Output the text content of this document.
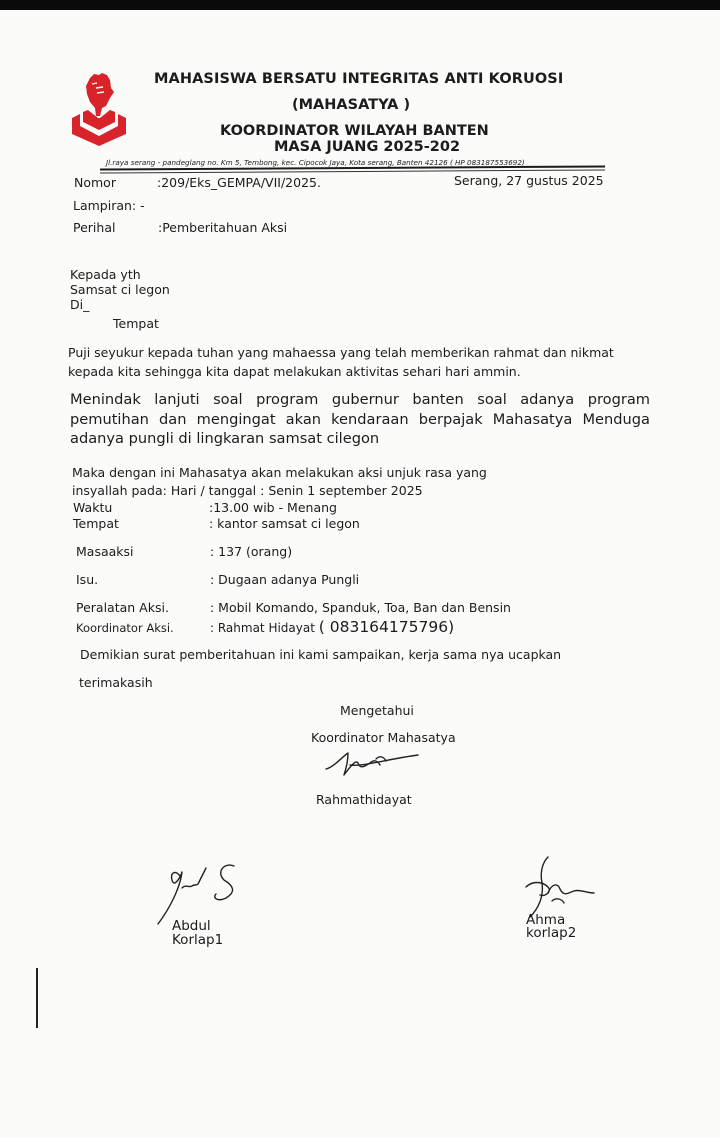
MAHASISWA BERSATU INTEGRITAS ANTI KORUOSI
(MAHASATYA )
KOORDINATOR WILAYAH BANTEN
MASA JUANG 2025-202
Jl.raya serang - pandeglang no. Km 5, Tembong, kec. Cipocok Jaya, Kota serang, Banten 42126 ( HP 083187553692)
Nomor	:209/Eks_GEMPA/VII/2025.	Serang, 27 gustus 2025
Lampiran: -
Perihal	:Pemberitahuan Aksi
Kepada yth
Samsat ci legon
Di_
Tempat
Puji seyukur kepada tuhan yang mahaessa yang telah memberikan rahmat dan nikmat kepada kita sehingga kita dapat melakukan aktivitas sehari hari ammin.
Menindak lanjuti soal program gubernur banten soal adanya program pemutihan dan mengingat akan kendaraan berpajak Mahasatya Menduga adanya pungli di lingkaran samsat cilegon
Maka dengan ini Mahasatya akan melakukan aksi unjuk rasa yang
insyallah pada: Hari / tanggal : Senin 1 september 2025
Waktu	:13.00 wib - Menang
Tempat	: kantor samsat ci legon
Masaaksi	: 137 (orang)
Isu.	: Dugaan adanya Pungli
Peralatan Aksi.	: Mobil Komando, Spanduk, Toa, Ban dan Bensin
Koordinator Aksi.	: Rahmat Hidayat ( 083164175796)
Demikian surat pemberitahuan ini kami sampaikan, kerja sama nya ucapkan
terimakasih
Mengetahui
Koordinator Mahasatya
Rahmathidayat
Abdul
Korlap1
Ahma
korlap2
